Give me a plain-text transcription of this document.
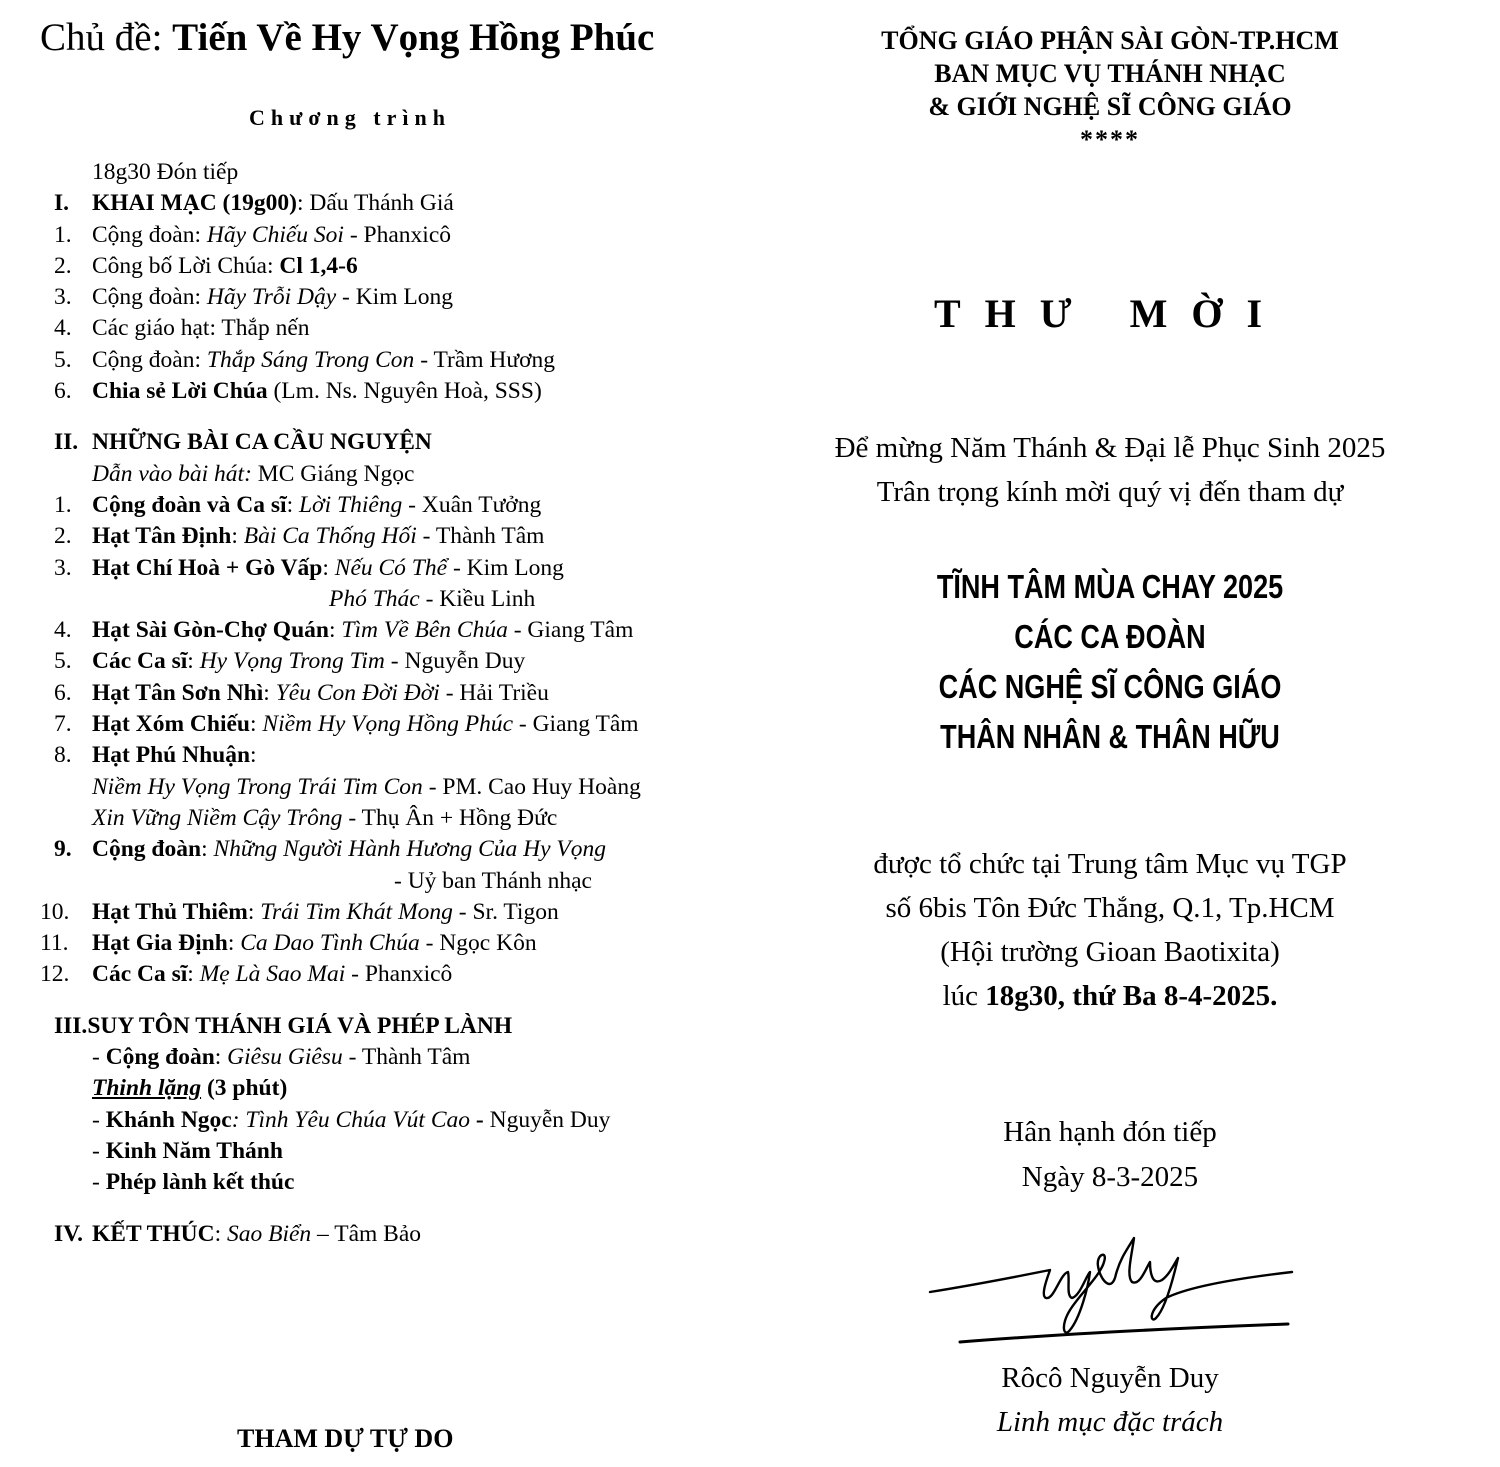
Chủ đề: Tiến Về Hy Vọng Hồng Phúc

Chương trình
18g30 Đón tiếp
I. KHAI MẠC (19g00): Dấu Thánh Giá
1. Cộng đoàn: Hãy Chiếu Soi - Phanxicô
2. Công bố Lời Chúa: Cl 1,4-6
3. Cộng đoàn: Hãy Trỗi Dậy - Kim Long
4. Các giáo hạt: Thắp nến
5. Cộng đoàn: Thắp Sáng Trong Con - Trầm Hương
6. Chia sẻ Lời Chúa (Lm. Ns. Nguyên Hoà, SSS)
II. NHỮNG BÀI CA CẦU NGUYỆN
Dẫn vào bài hát: MC Giáng Ngọc
1. Cộng đoàn và Ca sĩ: Lời Thiêng - Xuân Tưởng
2. Hạt Tân Định: Bài Ca Thống Hối - Thành Tâm
3. Hạt Chí Hoà + Gò Vấp: Nếu Có Thể - Kim Long
Phó Thác - Kiều Linh
4. Hạt Sài Gòn-Chợ Quán: Tìm Về Bên Chúa - Giang Tâm
5. Các Ca sĩ: Hy Vọng Trong Tim - Nguyễn Duy
6. Hạt Tân Sơn Nhì: Yêu Con Đời Đời - Hải Triều
7. Hạt Xóm Chiếu: Niềm Hy Vọng Hồng Phúc - Giang Tâm
8. Hạt Phú Nhuận:
Niềm Hy Vọng Trong Trái Tim Con - PM. Cao Huy Hoàng
Xin Vững Niềm Cậy Trông - Thụ Ân + Hồng Đức
9. Cộng đoàn: Những Người Hành Hương Của Hy Vọng
- Uỷ ban Thánh nhạc
10. Hạt Thủ Thiêm: Trái Tim Khát Mong - Sr. Tigon
11. Hạt Gia Định: Ca Dao Tình Chúa - Ngọc Kôn
12. Các Ca sĩ: Mẹ Là Sao Mai - Phanxicô
III. SUY TÔN THÁNH GIÁ VÀ PHÉP LÀNH
- Cộng đoàn: Giêsu Giêsu - Thành Tâm
Thinh lặng (3 phút)
- Khánh Ngọc: Tình Yêu Chúa Vút Cao - Nguyễn Duy
- Kinh Năm Thánh
- Phép lành kết thúc
IV. KẾT THÚC: Sao Biển – Tâm Bảo
THAM DỰ TỰ DO
TỔNG GIÁO PHẬN SÀI GÒN-TP.HCM
BAN MỤC VỤ THÁNH NHẠC
& GIỚI NGHỆ SĨ CÔNG GIÁO
****
THƯ MỜI
Để mừng Năm Thánh & Đại lễ Phục Sinh 2025
Trân trọng kính mời quý vị đến tham dự
TĨNH TÂM MÙA CHAY 2025
CÁC CA ĐOÀN
CÁC NGHỆ SĨ CÔNG GIÁO
THÂN NHÂN & THÂN HỮU
được tổ chức tại Trung tâm Mục vụ TGP
số 6bis Tôn Đức Thắng, Q.1, Tp.HCM
(Hội trường Gioan Baotixita)
lúc 18g30, thứ Ba 8-4-2025.
Hân hạnh đón tiếp
Ngày 8-3-2025
Rôcô Nguyễn Duy
Linh mục đặc trách
